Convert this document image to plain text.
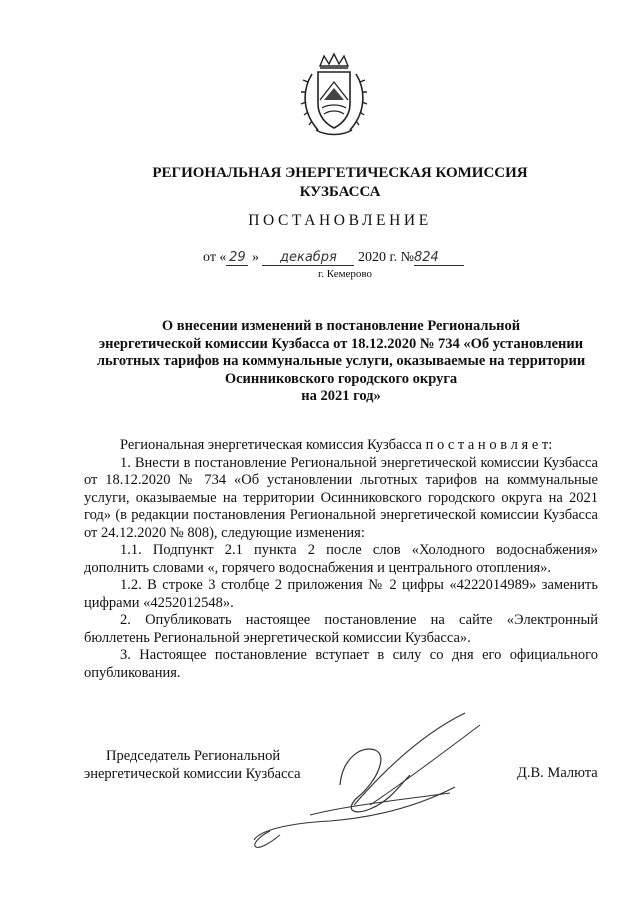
РЕГИОНАЛЬНАЯ ЭНЕРГЕТИЧЕСКАЯ КОМИССИЯ
КУЗБАССА
ПОСТАНОВЛЕНИЕ
от « 29 » декабря 2020 г. №824
г. Кемерово
О внесении изменений в постановление Региональной
энергетической комиссии Кузбасса от 18.12.2020 № 734 «Об установлении
льготных тарифов на коммунальные услуги, оказываемые на территории
Осинниковского городского округа
на 2021 год»

Региональная энергетическая комиссия Кузбасса п о с т а н о в л я е т:

1. Внести в постановление Региональной энергетической комиссии Кузбасса от 18.12.2020 № 734 «Об установлении льготных тарифов на коммунальные услуги, оказываемые на территории Осинниковского городского округа на 2021 год» (в редакции постановления Региональной энергетической комиссии Кузбасса от 24.12.2020 № 808), следующие изменения:

1.1. Подпункт 2.1 пункта 2 после слов «Холодного водоснабжения» дополнить словами «, горячего водоснабжения и центрального отопления».

1.2. В строке 3 столбце 2 приложения № 2 цифры «4222014989» заменить цифрами «4252012548».

2. Опубликовать настоящее постановление на сайте «Электронный бюллетень Региональной энергетической комиссии Кузбасса».

3. Настоящее постановление вступает в силу со дня его официального опубликования.

Председатель Региональной
энергетической комиссии Кузбасса	Д.В. Малюта
